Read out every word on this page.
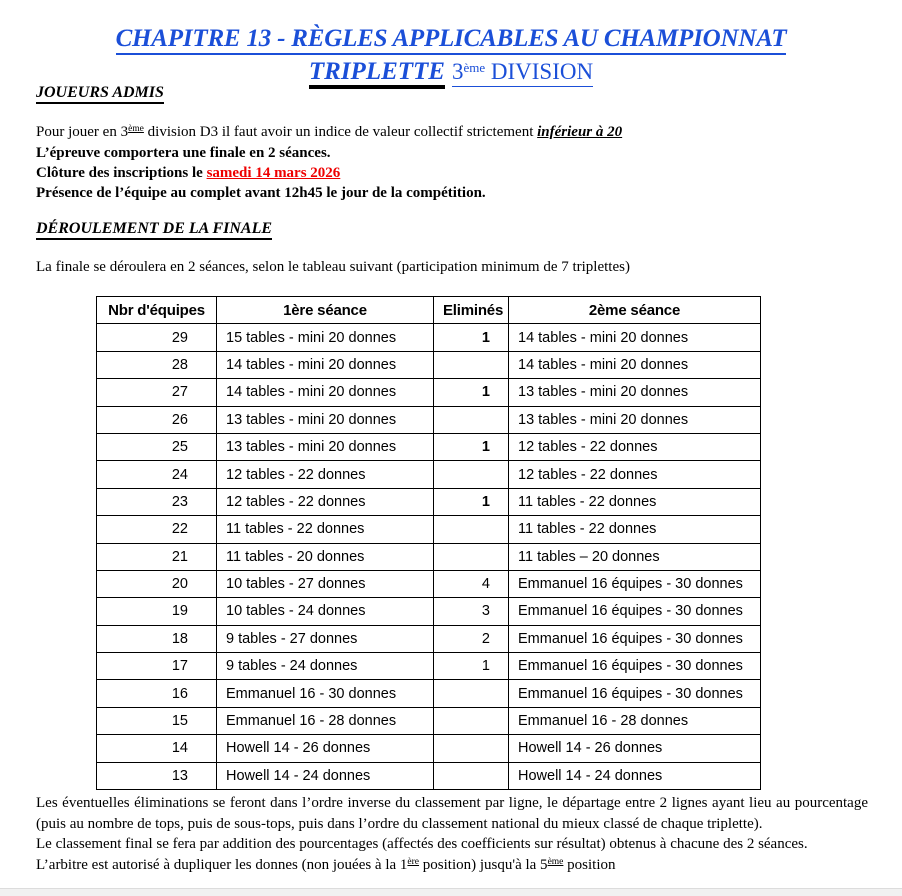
CHAPITRE 13 - RÈGLES APPLICABLES AU CHAMPIONNAT
TRIPLETTE 3ème DIVISION
JOUEURS ADMIS
Pour jouer en 3ème division D3 il faut avoir un indice de valeur collectif strictement inférieur à 20
L’épreuve comportera une finale en 2 séances.
Clôture des inscriptions le samedi 14 mars 2026
Présence de l’équipe au complet avant 12h45 le jour de la compétition.
DÉROULEMENT DE LA FINALE
La finale se déroulera en 2 séances, selon le tableau suivant (participation minimum de 7 triplettes)
Nbr d'équipes	1ère séance	Eliminés	2ème séance
29	15 tables - mini 20 donnes	1	14 tables - mini 20 donnes
28	14 tables - mini 20 donnes		14 tables - mini 20 donnes
27	14 tables - mini 20 donnes	1	13 tables - mini 20 donnes
26	13 tables - mini 20 donnes		13 tables - mini 20 donnes
25	13 tables - mini 20 donnes	1	12 tables - 22 donnes
24	12 tables - 22 donnes		12 tables - 22 donnes
23	12 tables - 22 donnes	1	11 tables - 22 donnes
22	11 tables - 22 donnes		11 tables - 22 donnes
21	11 tables - 20 donnes		11 tables – 20 donnes
20	10 tables - 27 donnes	4	Emmanuel 16 équipes - 30 donnes
19	10 tables - 24 donnes	3	Emmanuel 16 équipes - 30 donnes
18	9 tables - 27 donnes	2	Emmanuel 16 équipes - 30 donnes
17	9 tables - 24 donnes	1	Emmanuel 16 équipes - 30 donnes
16	Emmanuel 16 - 30 donnes		Emmanuel 16 équipes - 30 donnes
15	Emmanuel 16 - 28 donnes		Emmanuel 16 - 28 donnes
14	Howell 14 - 26 donnes		Howell 14 - 26 donnes
13	Howell 14 - 24 donnes		Howell 14 - 24 donnes

Les éventuelles éliminations se feront dans l’ordre inverse du classement par ligne, le départage entre 2 lignes ayant lieu au pourcentage (puis au nombre de tops, puis de sous-tops, puis dans l’ordre du classement national du mieux classé de chaque triplette).

Le classement final se fera par addition des pourcentages (affectés des coefficients sur résultat) obtenus à chacune des 2 séances.

L’arbitre est autorisé à dupliquer les donnes (non jouées à la 1ère position) jusqu'à la 5ème position
